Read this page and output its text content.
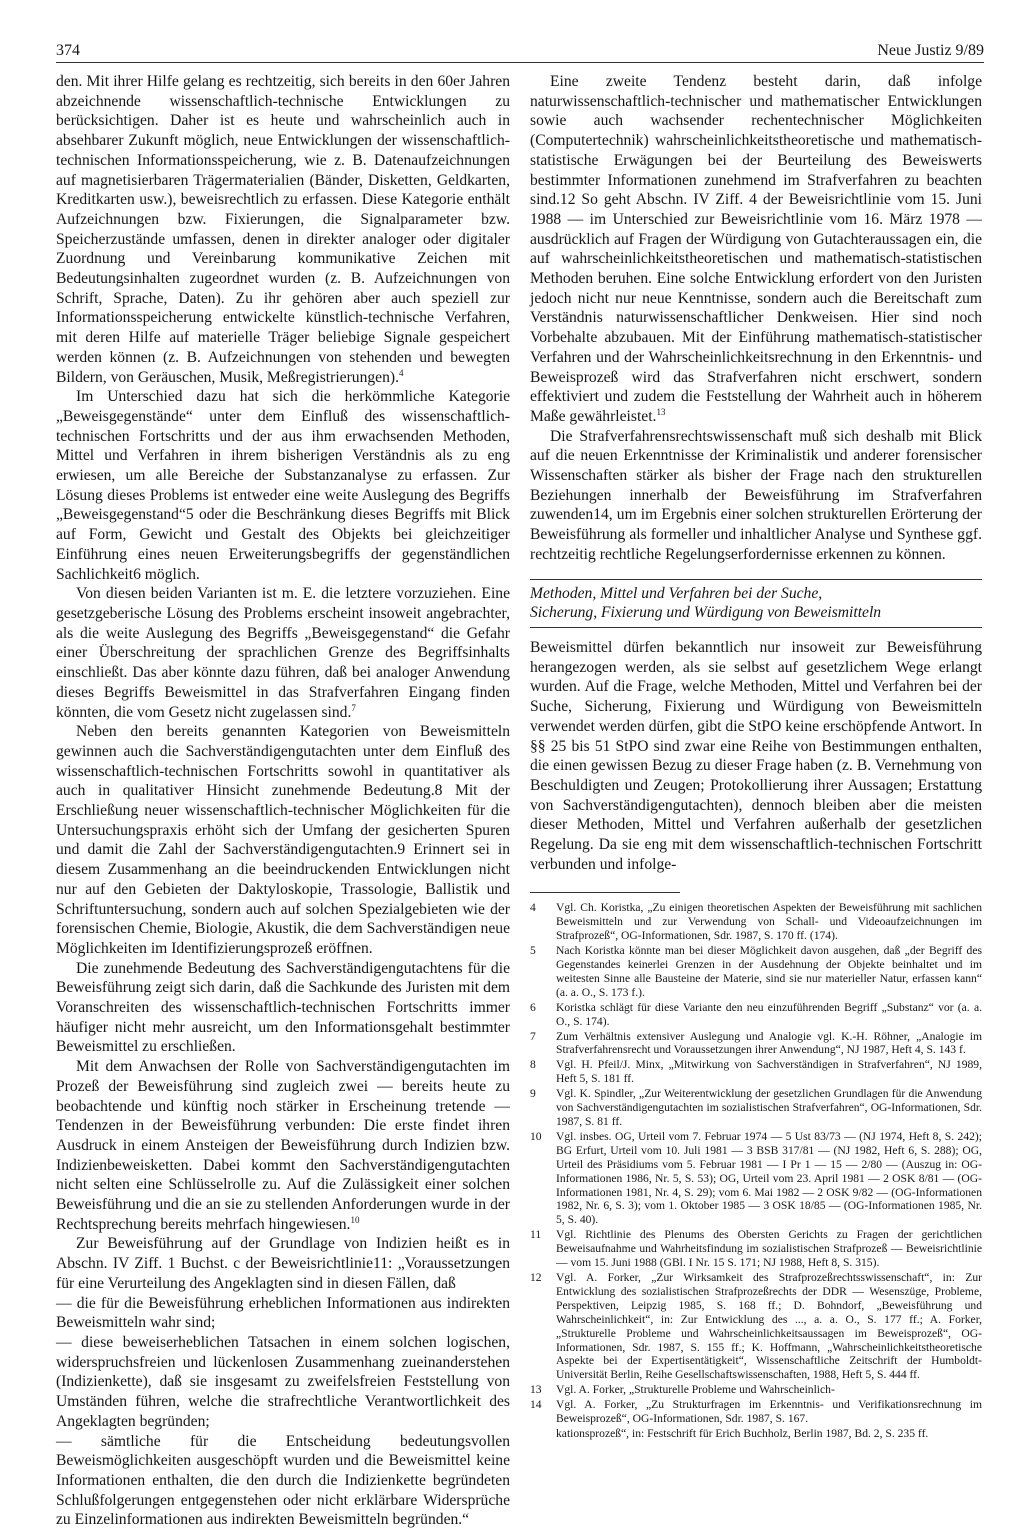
374	Neue Justiz 9/89

den. Mit ihrer Hilfe gelang es rechtzeitig, sich bereits in den 60er Jahren abzeichnende wissenschaftlich-technische Entwicklungen zu berücksichtigen. Daher ist es heute und wahrscheinlich auch in absehbarer Zukunft möglich, neue Entwicklungen der wissenschaftlich-technischen Informationsspeicherung, wie z. B. Datenaufzeichnungen auf magnetisierbaren Trägermaterialien (Bänder, Disketten, Geldkarten, Kreditkarten usw.), beweisrechtlich zu erfassen. Diese Kategorie enthält Aufzeichnungen bzw. Fixierungen, die Signalparameter bzw. Speicherzustände umfassen, denen in direkter analoger oder digitaler Zuordnung und Vereinbarung kommunikative Zeichen mit Bedeutungsinhalten zugeordnet wurden (z. B. Aufzeichnungen von Schrift, Sprache, Daten). Zu ihr gehören aber auch speziell zur Informationsspeicherung entwickelte künstlich-technische Verfahren, mit deren Hilfe auf materielle Träger beliebige Signale gespeichert werden können (z. B. Aufzeichnungen von stehenden und bewegten Bildern, von Geräuschen, Musik, Meßregistrierungen).$^4$

Im Unterschied dazu hat sich die herkömmliche Kategorie „Beweisgegenstände“ unter dem Einfluß des wissenschaftlich-technischen Fortschritts und der aus ihm erwachsenden Methoden, Mittel und Verfahren in ihrem bisherigen Verständnis als zu eng erwiesen, um alle Bereiche der Substanzanalyse zu erfassen. Zur Lösung dieses Problems ist entweder eine weite Auslegung des Begriffs „Beweisgegenstand“5 oder die Beschränkung dieses Begriffs mit Blick auf Form, Gewicht und Gestalt des Objekts bei gleichzeitiger Einführung eines neuen Erweiterungsbegriffs der gegenständlichen Sachlichkeit6 möglich.

Von diesen beiden Varianten ist m. E. die letztere vorzuziehen. Eine gesetzgeberische Lösung des Problems erscheint insoweit angebrachter, als die weite Auslegung des Begriffs „Beweisgegenstand“ die Gefahr einer Überschreitung der sprachlichen Grenze des Begriffsinhalts einschließt. Das aber könnte dazu führen, daß bei analoger Anwendung dieses Begriffs Beweismittel in das Strafverfahren Eingang finden könnten, die vom Gesetz nicht zugelassen sind.$^7$

Neben den bereits genannten Kategorien von Beweismitteln gewinnen auch die Sachverständigengutachten unter dem Einfluß des wissenschaftlich-technischen Fortschritts sowohl in quantitativer als auch in qualitativer Hinsicht zunehmende Bedeutung.8 Mit der Erschließung neuer wissenschaftlich-technischer Möglichkeiten für die Untersuchungspraxis erhöht sich der Umfang der gesicherten Spuren und damit die Zahl der Sachverständigengutachten.9 Erinnert sei in diesem Zusammenhang an die beeindruckenden Entwicklungen nicht nur auf den Gebieten der Daktyloskopie, Trassologie, Ballistik und Schriftuntersuchung, sondern auch auf solchen Spezialgebieten wie der forensischen Chemie, Biologie, Akustik, die dem Sachverständigen neue Möglichkeiten im Identifizierungsprozeß eröffnen.

Die zunehmende Bedeutung des Sachverständigengutachtens für die Beweisführung zeigt sich darin, daß die Sachkunde des Juristen mit dem Voranschreiten des wissenschaftlich-technischen Fortschritts immer häufiger nicht mehr ausreicht, um den Informationsgehalt bestimmter Beweismittel zu erschließen.

Mit dem Anwachsen der Rolle von Sachverständigengutachten im Prozeß der Beweisführung sind zugleich zwei — bereits heute zu beobachtende und künftig noch stärker in Erscheinung tretende — Tendenzen in der Beweisführung verbunden: Die erste findet ihren Ausdruck in einem Ansteigen der Beweisführung durch Indizien bzw. Indizienbeweisketten. Dabei kommt den Sachverständigengutachten nicht selten eine Schlüsselrolle zu. Auf die Zulässigkeit einer solchen Beweisführung und die an sie zu stellenden Anforderungen wurde in der Rechtsprechung bereits mehrfach hingewiesen.$^{10}$

Zur Beweisführung auf der Grundlage von Indizien heißt es in Abschn. IV Ziff. 1 Buchst. c der Beweisrichtlinie11: „Voraussetzungen für eine Verurteilung des Angeklagten sind in diesen Fällen, daß

— die für die Beweisführung erheblichen Informationen aus indirekten Beweismitteln wahr sind;

— diese beweiserheblichen Tatsachen in einem solchen logischen, widerspruchsfreien und lückenlosen Zusammenhang zueinanderstehen (Indizienkette), daß sie insgesamt zu zweifelsfreien Feststellung von Umständen führen, welche die strafrechtliche Verantwortlichkeit des Angeklagten begründen;

— sämtliche für die Entscheidung bedeutungsvollen Beweismöglichkeiten ausgeschöpft wurden und die Beweismittel keine Informationen enthalten, die den durch die Indizienkette begründeten Schlußfolgerungen entgegenstehen oder nicht erklärbare Widersprüche zu Einzelinformationen aus indirekten Beweismitteln begründen.“

Eine zweite Tendenz besteht darin, daß infolge naturwissenschaftlich-technischer und mathematischer Entwicklungen sowie auch wachsender rechentechnischer Möglichkeiten (Computertechnik) wahrscheinlichkeitstheoretische und mathematisch-statistische Erwägungen bei der Beurteilung des Beweiswerts bestimmter Informationen zunehmend im Strafverfahren zu beachten sind.12 So geht Abschn. IV Ziff. 4 der Beweisrichtlinie vom 15. Juni 1988 — im Unterschied zur Beweisrichtlinie vom 16. März 1978 — ausdrücklich auf Fragen der Würdigung von Gutachteraussagen ein, die auf wahrscheinlichkeitstheoretischen und mathematisch-statistischen Methoden beruhen. Eine solche Entwicklung erfordert von den Juristen jedoch nicht nur neue Kenntnisse, sondern auch die Bereitschaft zum Verständnis naturwissenschaftlicher Denkweisen. Hier sind noch Vorbehalte abzubauen. Mit der Einführung mathematisch-statistischer Verfahren und der Wahrscheinlichkeitsrechnung in den Erkenntnis- und Beweisprozeß wird das Strafverfahren nicht erschwert, sondern effektiviert und zudem die Feststellung der Wahrheit auch in höherem Maße gewährleistet.$^{13}$

Die Strafverfahrensrechtswissenschaft muß sich deshalb mit Blick auf die neuen Erkenntnisse der Kriminalistik und anderer forensischer Wissenschaften stärker als bisher der Frage nach den strukturellen Beziehungen innerhalb der Beweisführung im Strafverfahren zuwenden14, um im Ergebnis einer solchen strukturellen Erörterung der Beweisführung als formeller und inhaltlicher Analyse und Synthese ggf. rechtzeitig rechtliche Regelungserfordernisse erkennen zu können.

Methoden, Mittel und Verfahren bei der Suche,
Sicherung, Fixierung und Würdigung von Beweismitteln

Beweismittel dürfen bekanntlich nur insoweit zur Beweisführung herangezogen werden, als sie selbst auf gesetzlichem Wege erlangt wurden. Auf die Frage, welche Methoden, Mittel und Verfahren bei der Suche, Sicherung, Fixierung und Würdigung von Beweismitteln verwendet werden dürfen, gibt die StPO keine erschöpfende Antwort. In §§ 25 bis 51 StPO sind zwar eine Reihe von Bestimmungen enthalten, die einen gewissen Bezug zu dieser Frage haben (z. B. Vernehmung von Beschuldigten und Zeugen; Protokollierung ihrer Aussagen; Erstattung von Sachverständigengutachten), dennoch bleiben aber die meisten dieser Methoden, Mittel und Verfahren außerhalb der gesetzlichen Regelung. Da sie eng mit dem wissenschaftlich-technischen Fortschritt verbunden und infolge-

4	Vgl. Ch. Koristka, „Zu einigen theoretischen Aspekten der Beweisführung mit sachlichen Beweismitteln und zur Verwendung von Schall- und Videoaufzeichnungen im Strafprozeß“, OG-Informationen, Sdr. 1987, S. 170 ff. (174).
5	Nach Koristka könnte man bei dieser Möglichkeit davon ausgehen, daß „der Begriff des Gegenstandes keinerlei Grenzen in der Ausdehnung der Objekte beinhaltet und im weitesten Sinne alle Bausteine der Materie, sind sie nur materieller Natur, erfassen kann“ (a. a. O., S. 173 f.).
6	Koristka schlägt für diese Variante den neu einzuführenden Begriff „Substanz“ vor (a. a. O., S. 174).
7	Zum Verhältnis extensiver Auslegung und Analogie vgl. K.-H. Röhner, „Analogie im Strafverfahrensrecht und Voraussetzungen ihrer Anwendung“, NJ 1987, Heft 4, S. 143 f.
8	Vgl. H. Pfeil/J. Minx, „Mitwirkung von Sachverständigen in Strafverfahren“, NJ 1989, Heft 5, S. 181 ff.
9	Vgl. K. Spindler, „Zur Weiterentwicklung der gesetzlichen Grundlagen für die Anwendung von Sachverständigengutachten im sozialistischen Strafverfahren“, OG-Informationen, Sdr. 1987, S. 81 ff.
10	Vgl. insbes. OG, Urteil vom 7. Februar 1974 — 5 Ust 83/73 — (NJ 1974, Heft 8, S. 242); BG Erfurt, Urteil vom 10. Juli 1981 — 3 BSB 317/81 — (NJ 1982, Heft 6, S. 288); OG, Urteil des Präsidiums vom 5. Februar 1981 — I Pr 1 — 15 — 2/80 — (Auszug in: OG-Informationen 1986, Nr. 5, S. 53); OG, Urteil vom 23. April 1981 — 2 OSK 8/81 — (OG-Informationen 1981, Nr. 4, S. 29); vom 6. Mai 1982 — 2 OSK 9/82 — (OG-Informationen 1982, Nr. 6, S. 3); vom 1. Oktober 1985 — 3 OSK 18/85 — (OG-Informationen 1985, Nr. 5, S. 40).
11	Vgl. Richtlinie des Plenums des Obersten Gerichts zu Fragen der gerichtlichen Beweisaufnahme und Wahrheitsfindung im sozialistischen Strafprozeß — Beweisrichtlinie — vom 15. Juni 1988 (GBl. I Nr. 15 S. 171; NJ 1988, Heft 8, S. 315).
12	Vgl. A. Forker, „Zur Wirksamkeit des Strafprozeßrechtsswissenschaft“, in: Zur Entwicklung des sozialistischen Strafprozeßrechts der DDR — Wesenszüge, Probleme, Perspektiven, Leipzig 1985, S. 168 ff.; D. Bohndorf, „Beweisführung und Wahrscheinlichkeit“, in: Zur Entwicklung des ..., a. a. O., S. 177 ff.; A. Forker, „Strukturelle Probleme und Wahrscheinlichkeitsaussagen im Beweisprozeß“, OG-Informationen, Sdr. 1987, S. 155 ff.; K. Hoffmann, „Wahrscheinlichkeitstheoretische Aspekte bei der Expertisentätigkeit“, Wissenschaftliche Zeitschrift der Humboldt-Universität Berlin, Reihe Gesellschaftswissenschaften, 1988, Heft 5, S. 444 ff.
13	Vgl. A. Forker, „Strukturelle Probleme und Wahrscheinlich-
14	Vgl. A. Forker, „Zu Strukturfragen im Erkenntnis- und Verifikationsrechnung im Beweisprozeß“, OG-Informationen, Sdr. 1987, S. 167.
kationsprozeß“, in: Festschrift für Erich Buchholz, Berlin 1987, Bd. 2, S. 235 ff.
